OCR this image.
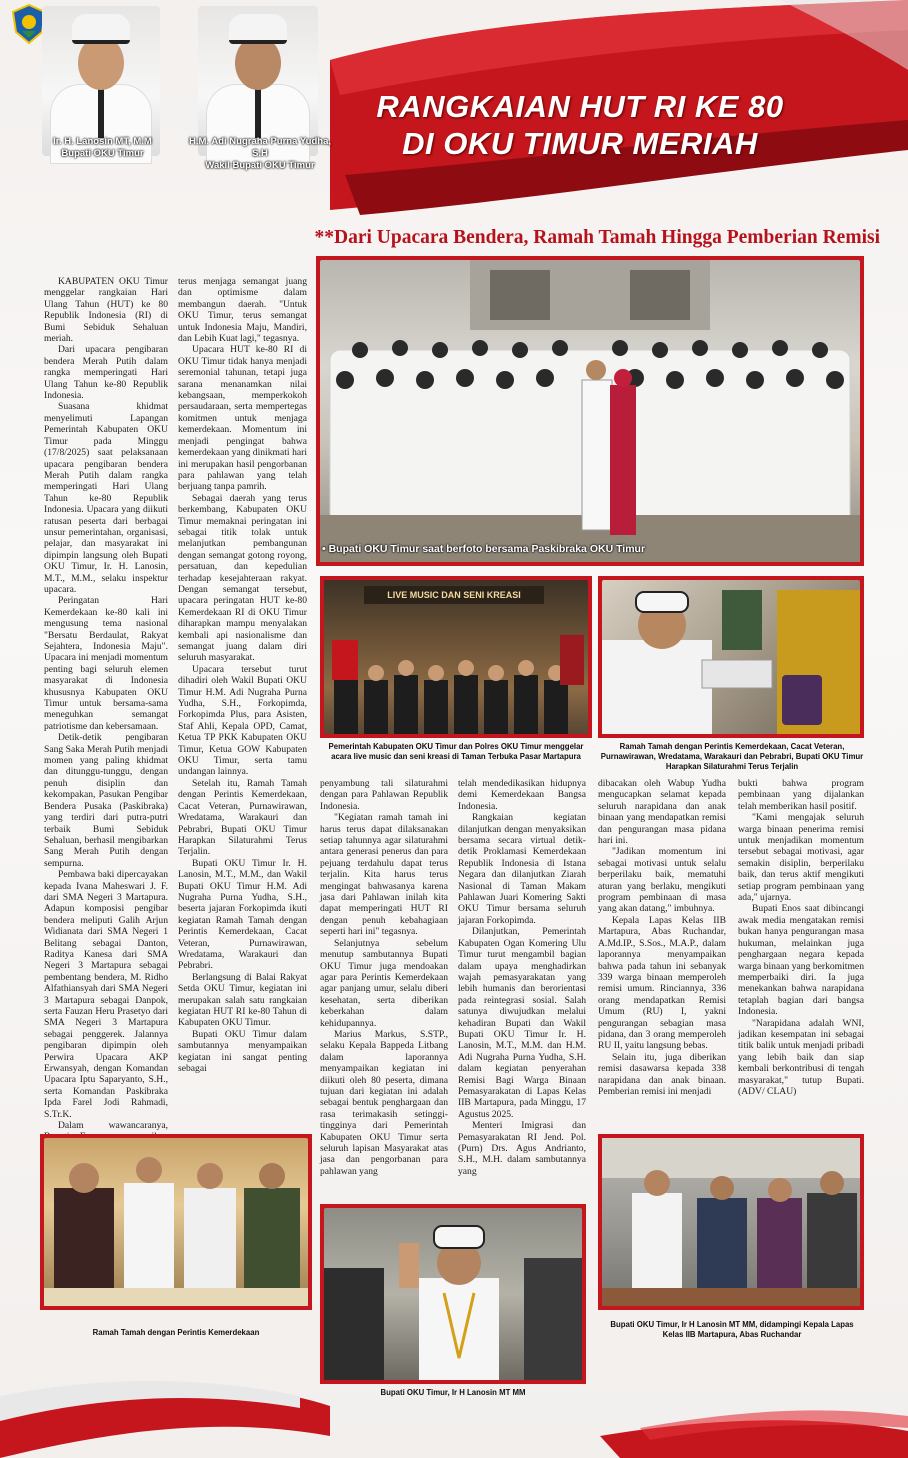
Ir. H. Lanosin MT, M.M
Bupati OKU Timur
H.M. Adi Nugraha Purna Yudha, S.H
Wakil Bupati OKU Timur
RANGKAIAN HUT RI KE 80
DI OKU TIMUR MERIAH
**Dari Upacara Bendera, Ramah Tamah Hingga Pemberian Remisi

KABUPATEN OKU Timur menggelar rangkaian Hari Ulang Tahun (HUT) ke 80 Republik Indonesia (RI) di Bumi Sebiduk Sehaluan meriah.

Dari upacara pengibaran bendera Merah Putih dalam rangka memperingati Hari Ulang Tahun ke-80 Republik Indonesia.

Suasana khidmat menyelimuti Lapangan Pemerintah Kabupaten OKU Timur pada Minggu (17/8/2025) saat pelaksanaan upacara pengibaran bendera Merah Putih dalam rangka memperingati Hari Ulang Tahun ke-80 Republik Indonesia. Upacara yang diikuti ratusan peserta dari berbagai unsur pemerintahan, organisasi, pelajar, dan masyarakat ini dipimpin langsung oleh Bupati OKU Timur, Ir. H. Lanosin, M.T., M.M., selaku inspektur upacara.

Peringatan Hari Kemerdekaan ke-80 kali ini mengusung tema nasional "Bersatu Berdaulat, Rakyat Sejahtera, Indonesia Maju". Upacara ini menjadi momentum penting bagi seluruh elemen masyarakat di Indonesia khususnya Kabupaten OKU Timur untuk bersama-sama meneguhkan semangat patriotisme dan kebersamaan.

Detik-detik pengibaran Sang Saka Merah Putih menjadi momen yang paling khidmat dan ditunggu-tunggu, dengan penuh disiplin dan kekompakan, Pasukan Pengibar Bendera Pusaka (Paskibraka) yang terdiri dari putra-putri terbaik Bumi Sebiduk Sehaluan, berhasil mengibarkan Sang Merah Putih dengan sempurna.

Pembawa baki dipercayakan kepada Ivana Maheswari J. F. dari SMA Negeri 3 Martapura. Adapun komposisi pengibar bendera meliputi Galih Arjun Widianata dari SMA Negeri 1 Belitang sebagai Danton, Raditya Kanesa dari SMA Negeri 3 Martapura sebagai pembentang bendera, M. Ridho Alfathiansyah dari SMA Negeri 3 Martapura sebagai Danpok, serta Fauzan Heru Prasetyo dari SMA Negeri 3 Martapura sebagai penggerek. Jalannya pengibaran dipimpin oleh Perwira Upacara AKP Erwansyah, dengan Komandan Upacara Iptu Saparyanto, S.H., serta Komandan Paskibraka Ipda Farel Jodi Rahmadi, S.Tr.K.

Dalam wawancaranya,

terus menjaga semangat juang dan optimisme dalam membangun daerah. "Untuk OKU Timur, terus semangat untuk Indonesia Maju, Mandiri, dan Lebih Kuat lagi," tegasnya.

Upacara HUT ke-80 RI di OKU Timur tidak hanya menjadi seremonial tahunan, tetapi juga sarana menanamkan nilai kebangsaan, memperkokoh persaudaraan, serta mempertegas komitmen untuk menjaga kemerdekaan. Momentum ini menjadi pengingat bahwa kemerdekaan yang dinikmati hari ini merupakan hasil pengorbanan para pahlawan yang telah berjuang tanpa pamrih.

Sebagai daerah yang terus berkembang, Kabupaten OKU Timur memaknai peringatan ini sebagai titik tolak untuk melanjutkan pembangunan dengan semangat gotong royong, persatuan, dan kepedulian terhadap kesejahteraan rakyat. Dengan semangat tersebut, upacara peringatan HUT ke-80 Kemerdekaan RI di OKU Timur diharapkan mampu menyalakan kembali api nasionalisme dan semangat juang dalam diri seluruh masyarakat.

Upacara tersebut turut dihadiri oleh Wakil Bupati OKU Timur H.M. Adi Nugraha Purna Yudha, S.H., Forkopimda, Forkopimda Plus, para Asisten, Staf Ahli, Kepala OPD, Camat, Ketua TP PKK Kabupaten OKU Timur, Ketua GOW Kabupaten OKU Timur, serta tamu undangan lainnya.

Setelah itu, Ramah Tamah dengan Perintis Kemerdekaan, Cacat Veteran, Purnawirawan, Wredatama, Warakauri dan Pebrabri, Bupati OKU Timur Harapkan Silaturahmi Terus Terjalin.

Bupati OKU Timur Ir. H. Lanosin, M.T., M.M., dan Wakil Bupati OKU Timur H.M. Adi Nugraha Purna Yudha, S.H., beserta jajaran Forkopimda ikuti kegiatan Ramah Tamah dengan Perintis Kemerdekaan, Cacat Veteran, Purnawirawan, Wredatama, Warakauri dan Pebrabri.

Berlangsung di Balai Rakyat Setda OKU Timur, kegiatan ini merupakan salah satu rangkaian kegiatan HUT RI ke-80 Tahun di Kabupaten OKU Timur.

Bupati OKU Timur dalam sambutannya menyampaikan kegiatan ini sangat penting sebagai

penyambung tali silaturahmi dengan para Pahlawan Republik Indonesia.

"Kegiatan ramah tamah ini harus terus dapat dilaksanakan setiap tahunnya agar silaturahmi antara generasi penerus dan para pejuang terdahulu dapat terus terjalin. Kita harus terus mengingat bahwasanya karena jasa dari Pahlawan inilah kita dapat memperingati HUT RI dengan penuh kebahagiaan seperti hari ini" tegasnya.

Selanjutnya sebelum menutup sambutannya Bupati OKU Timur juga mendoakan agar para Perintis Kemerdekaan agar panjang umur, selalu diberi kesehatan, serta diberikan keberkahan dalam kehidupannya.

Marius Markus, S.STP., selaku Kepala Bappeda Litbang dalam laporannya menyampaikan kegiatan ini diikuti oleh 80 peserta, dimana tujuan dari kegiatan ini adalah sebagai bentuk penghargaan dan rasa terimakasih setinggi-tingginya dari Pemerintah Kabupaten OKU Timur serta seluruh lapisan Masyarakat atas jasa dan pengorbanan para pahlawan yang

telah mendedikasikan hidupnya demi Kemerdekaan Bangsa Indonesia.

Rangkaian kegiatan dilanjutkan dengan menyaksikan bersama secara virtual detik-detik Proklamasi Kemerdekaan Republik Indonesia di Istana Negara dan dilanjutkan Ziarah Nasional di Taman Makam Pahlawan Juari Komering Sakti OKU Timur bersama seluruh jajaran Forkopimda.

Dilanjutkan, Pemerintah Kabupaten Ogan Komering Ulu Timur turut mengambil bagian dalam upaya menghadirkan wajah pemasyarakatan yang lebih humanis dan berorientasi pada reintegrasi sosial. Salah satunya diwujudkan melalui kehadiran Bupati dan Wakil Bupati OKU Timur Ir. H. Lanosin, M.T., M.M. dan H.M. Adi Nugraha Purna Yudha, S.H. dalam kegiatan penyerahan Remisi Bagi Warga Binaan Pemasyarakatan di Lapas Kelas IIB Martapura, pada Minggu, 17 Agustus 2025.

Menteri Imigrasi dan Pemasyarakatan RI Jend. Pol. (Purn) Drs. Agus Andrianto, S.H., M.H. dalam sambutannya yang

dibacakan oleh Wabup Yudha mengucapkan selamat kepada seluruh narapidana dan anak binaan yang mendapatkan remisi dan pengurangan masa pidana hari ini.

"Jadikan momentum ini sebagai motivasi untuk selalu berperilaku baik, mematuhi aturan yang berlaku, mengikuti program pembinaan di masa yang akan datang," imbuhnya.

Kepala Lapas Kelas IIB Martapura, Abas Ruchandar, A.Md.IP., S.Sos., M.A.P., dalam laporannya menyampaikan bahwa pada tahun ini sebanyak 339 warga binaan memperoleh remisi umum. Rinciannya, 336 orang mendapatkan Remisi Umum (RU) I, yakni pengurangan sebagian masa pidana, dan 3 orang memperoleh RU II, yaitu langsung bebas.

Selain itu, juga diberikan remisi dasawarsa kepada 338 narapidana dan anak binaan. Pemberian remisi ini menjadi

bukti bahwa program pembinaan yang dijalankan telah memberikan hasil positif.

"Kami mengajak seluruh warga binaan penerima remisi untuk menjadikan momentum tersebut sebagai motivasi, agar semakin disiplin, berperilaku baik, dan terus aktif mengikuti setiap program pembinaan yang ada," ujarnya.

Bupati Enos saat dibincangi awak media mengatakan remisi bukan hanya pengurangan masa hukuman, melainkan juga penghargaan negara kepada warga binaan yang berkomitmen memperbaiki diri. Ia juga menekankan bahwa narapidana tetaplah bagian dari bangsa Indonesia.

"Narapidana adalah WNI, jadikan kesempatan ini sebagai titik balik untuk menjadi pribadi yang lebih baik dan siap kembali berkontribusi di tengah masyarakat," tutup Bupati. (ADV/ CLAU)

• Bupati OKU Timur saat berfoto bersama Paskibraka OKU Timur
LIVE MUSIC DAN SENI KREASI
Pemerintah Kabupaten OKU Timur dan Polres OKU Timur menggelar acara live music dan seni kreasi di Taman Terbuka Pasar Martapura
Ramah Tamah dengan Perintis Kemerdekaan, Cacat Veteran, Purnawirawan, Wredatama, Warakauri dan Pebrabri, Bupati OKU Timur Harapkan Silaturahmi Terus Terjalin
Ramah Tamah dengan Perintis Kemerdekaan
Bupati OKU Timur, Ir H Lanosin MT MM
Bupati OKU Timur, Ir H Lanosin MT MM, didampingi Kepala Lapas Kelas IIB Martapura, Abas Ruchandar
